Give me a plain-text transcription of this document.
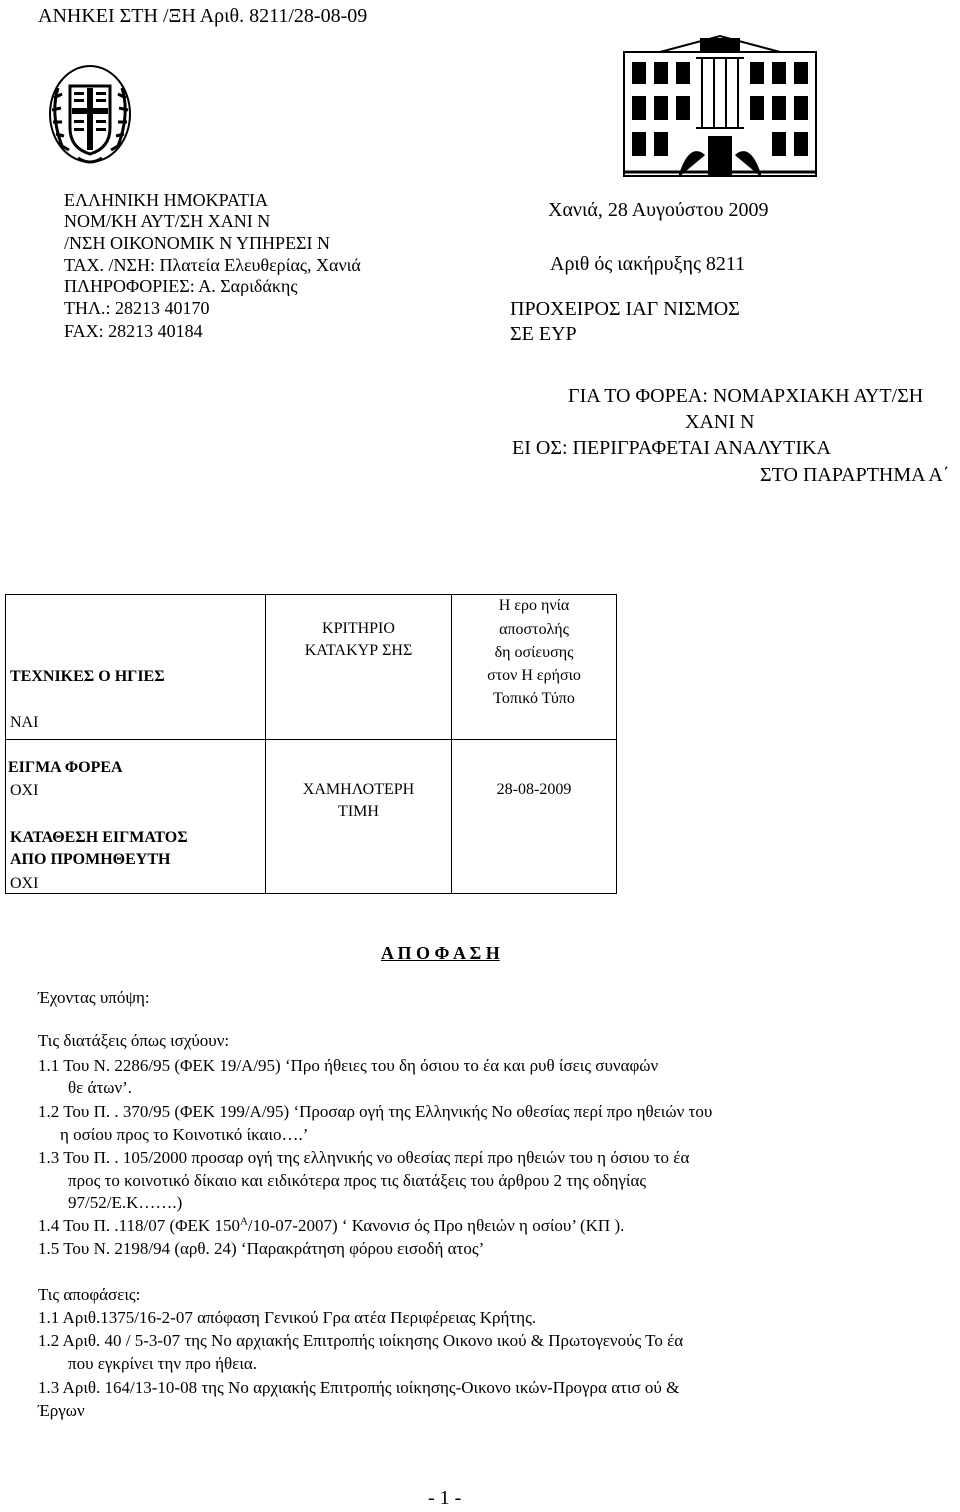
ΑΝΗΚΕΙ ΣΤΗ /ΞΗ Αριθ. 8211/28-08-09
ΕΛΛΗΝΙΚΗ ΗΜΟΚΡΑΤΙΑ
ΝΟΜ/ΚΗ ΑΥΤ/ΣΗ ΧΑΝΙ Ν
/ΝΣΗ ΟΙΚΟΝΟΜΙΚ Ν ΥΠΗΡΕΣΙ Ν
ΤΑΧ. /ΝΣΗ: Πλατεία Ελευθερίας, Χανιά
ΠΛΗΡΟΦΟΡΙΕΣ: Α. Σαριδάκης
ΤΗΛ.: 28213 40170
FAX: 28213 40184
Χανιά, 28 Αυγούστου 2009
Αριθ ός ιακήρυξης 8211
ΠΡΟΧΕΙΡΟΣ ΙΑΓ ΝΙΣΜΟΣ
ΣΕ ΕΥΡ
ΓΙΑ ΤΟ ΦΟΡΕΑ: ΝΟΜΑΡΧΙΑΚΗ ΑΥΤ/ΣΗ
ΧΑΝΙ Ν
ΕΙ ΟΣ: ΠΕΡΙΓΡΑΦΕΤΑΙ ΑΝΑΛΥΤΙΚΑ
ΣΤΟ ΠΑΡΑΡΤΗΜΑ Α΄
ΤΕΧΝΙΚΕΣ Ο ΗΓΙΕΣ
ΝΑΙ
ΕΙΓΜΑ ΦΟΡΕΑ
ΟΧΙ
ΚΑΤΑΘΕΣΗ ΕΙΓΜΑΤΟΣ
ΑΠΟ ΠΡΟΜΗΘΕΥΤΗ
ΟΧΙ
ΚΡΙΤΗΡΙΟ
ΚΑΤΑΚΥΡ ΣΗΣ
ΧΑΜΗΛΟΤΕΡΗ
ΤΙΜΗ
Η ερο ηνία
αποστολής
δη οσίευσης
στον Η ερήσιο
Τοπικό Τύπο
28-08-2009
Α Π Ο Φ Α Σ Η
Έχοντας υπόψη:
Τις διατάξεις όπως ισχύουν:
1.1 Του Ν. 2286/95 (ΦΕΚ 19/Α/95) ‘Προ ήθειες του δη όσιου το έα και ρυθ ίσεις συναφών
θε άτων’.
1.2 Του Π. . 370/95 (ΦΕΚ 199/Α/95) ‘Προσαρ ογή της Ελληνικής Νο οθεσίας περί προ ηθειών του
η οσίου προς το Κοινοτικό ίκαιο….’
1.3 Του Π. . 105/2000 προσαρ ογή της ελληνικής νο οθεσίας περί προ ηθειών του η όσιου το έα
προς το κοινοτικό δίκαιο και ειδικότερα προς τις διατάξεις του άρθρου 2 της οδηγίας
97/52/Ε.Κ…….)
1.4 Του Π. .118/07 (ΦΕΚ $150^A/10-07-2007$) ‘ Κανονισ ός Προ ηθειών η οσίου’ (ΚΠ ).
1.5 Του Ν. 2198/94 (αρθ. 24) ‘Παρακράτηση φόρου εισοδή ατος’
Τις αποφάσεις:
1.1 Αριθ.1375/16-2-07 απόφαση Γενικού Γρα ατέα Περιφέρειας Κρήτης.
1.2 Αριθ. 40 / 5-3-07 της Νο αρχιακής Επιτροπής ιοίκησης Οικονο ικού & Πρωτογενούς Το έα
που εγκρίνει την προ ήθεια.
1.3 Αριθ. 164/13-10-08 της Νο αρχιακής Επιτροπής ιοίκησης-Οικονο ικών-Προγρα ατισ ού &
Έργων
- 1 -
